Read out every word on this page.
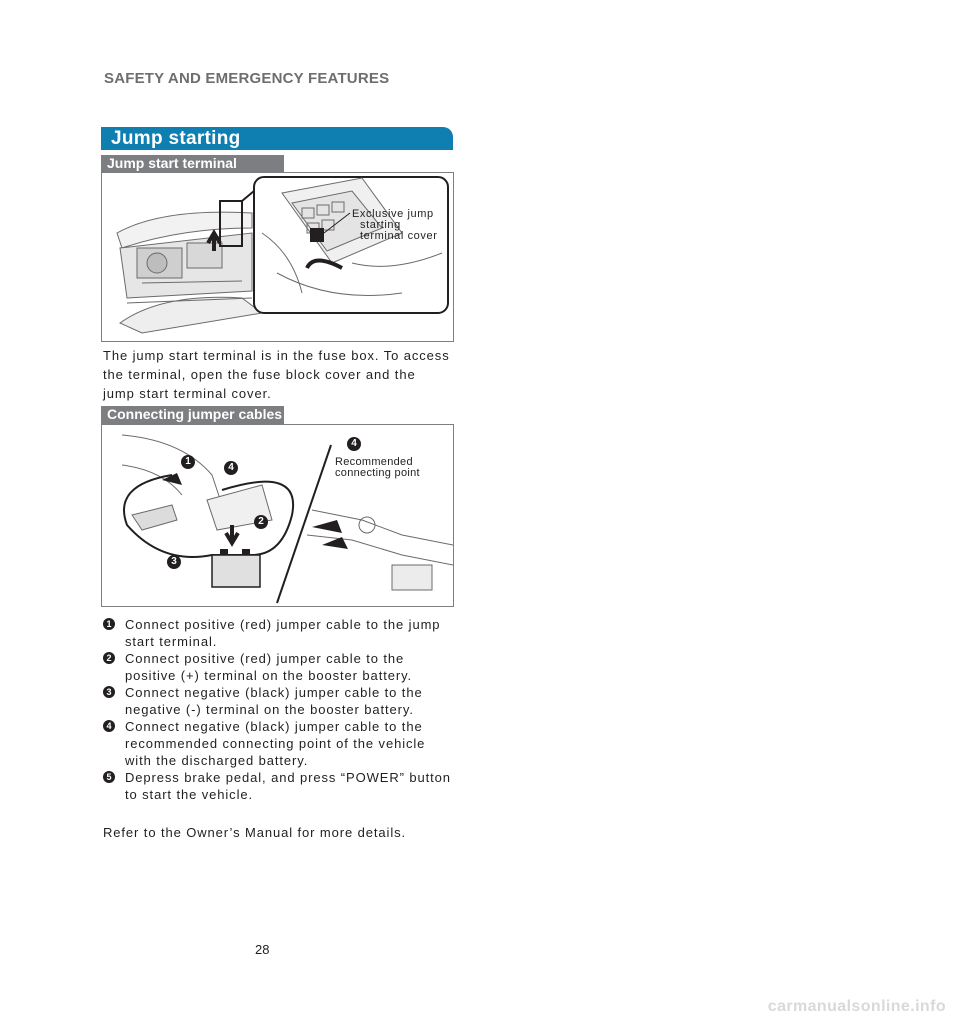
SAFETY AND EMERGENCY FEATURES
Jump starting
Jump start terminal
Exclusive jump
starting
terminal cover
The jump start terminal is in the fuse box. To access
the terminal, open the fuse block cover and the
jump start terminal cover.
Connecting jumper cables
1
2
3
4
4
Recommended
connecting point
1 Connect positive (red) jumper cable to the jump
start terminal.
2 Connect positive (red) jumper cable to the
positive (+) terminal on the booster battery.
3 Connect negative (black) jumper cable to the
negative (-) terminal on the booster battery.
4 Connect negative (black) jumper cable to the
recommended connecting point of the vehicle
with the discharged battery.
5 Depress brake pedal, and press “POWER” button
to start the vehicle.
Refer to the Owner’s Manual for more details.
28
carmanualsonline.info
